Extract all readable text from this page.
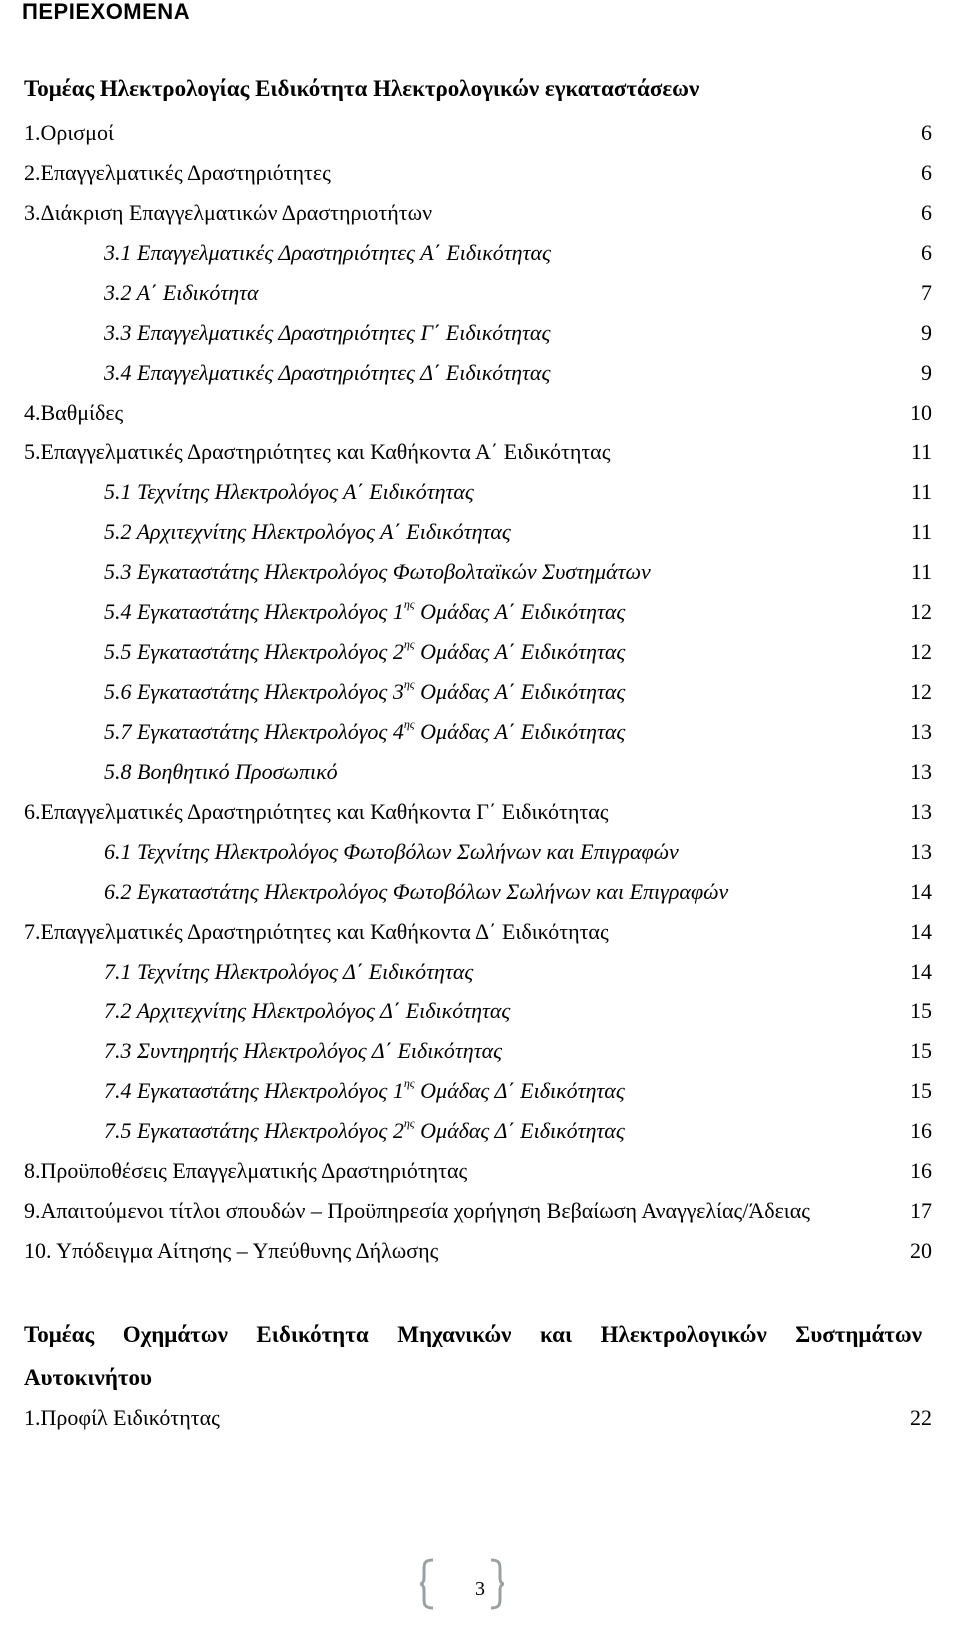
ΠΕΡΙΕΧΟΜΕΝΑ
Τομέας Ηλεκτρολογίας Ειδικότητα Ηλεκτρολογικών εγκαταστάσεων
1.Ορισμοί	6
2.Επαγγελματικές Δραστηριότητες	6
3.Διάκριση Επαγγελματικών Δραστηριοτήτων	6
3.1 Επαγγελματικές Δραστηριότητες Α΄ Ειδικότητας	6
3.2 Α΄ Ειδικότητα	7
3.3 Επαγγελματικές Δραστηριότητες Γ΄ Ειδικότητας	9
3.4 Επαγγελματικές Δραστηριότητες Δ΄ Ειδικότητας	9
4.Βαθμίδες	10
5.Επαγγελματικές Δραστηριότητες και Καθήκοντα Α΄ Ειδικότητας	11
5.1 Τεχνίτης Ηλεκτρολόγος Α΄ Ειδικότητας	11
5.2 Αρχιτεχνίτης Ηλεκτρολόγος Α΄ Ειδικότητας	11
5.3 Εγκαταστάτης Ηλεκτρολόγος Φωτοβολταϊκών Συστημάτων	11
5.4 Εγκαταστάτης Ηλεκτρολόγος $1^{\eta\varsigma}$ Ομάδας Α΄ Ειδικότητας	12
5.5 Εγκαταστάτης Ηλεκτρολόγος $2^{\eta\varsigma}$ Ομάδας Α΄ Ειδικότητας	12
5.6 Εγκαταστάτης Ηλεκτρολόγος $3^{\eta\varsigma}$ Ομάδας Α΄ Ειδικότητας	12
5.7 Εγκαταστάτης Ηλεκτρολόγος $4^{\eta\varsigma}$ Ομάδας Α΄ Ειδικότητας	13
5.8 Βοηθητικό Προσωπικό	13
6.Επαγγελματικές Δραστηριότητες και Καθήκοντα Γ΄ Ειδικότητας	13
6.1 Τεχνίτης Ηλεκτρολόγος Φωτοβόλων Σωλήνων και Επιγραφών	13
6.2 Εγκαταστάτης Ηλεκτρολόγος Φωτοβόλων Σωλήνων και Επιγραφών	14
7.Επαγγελματικές Δραστηριότητες και Καθήκοντα Δ΄ Ειδικότητας	14
7.1 Τεχνίτης Ηλεκτρολόγος Δ΄ Ειδικότητας	14
7.2 Αρχιτεχνίτης Ηλεκτρολόγος Δ΄ Ειδικότητας	15
7.3 Συντηρητής Ηλεκτρολόγος Δ΄ Ειδικότητας	15
7.4 Εγκαταστάτης Ηλεκτρολόγος $1^{\eta\varsigma}$ Ομάδας Δ΄ Ειδικότητας	15
7.5 Εγκαταστάτης Ηλεκτρολόγος $2^{\eta\varsigma}$ Ομάδας Δ΄ Ειδικότητας	16
8.Προϋποθέσεις Επαγγελματικής Δραστηριότητας	16
9.Απαιτούμενοι τίτλοι σπουδών – Προϋπηρεσία χορήγηση Βεβαίωση Αναγγελίας/Άδειας	17
10. Υπόδειγμα Αίτησης – Υπεύθυνης Δήλωσης	20
Τομέας Οχημάτων Ειδικότητα Μηχανικών και Ηλεκτρολογικών Συστημάτων
Αυτοκινήτου
1.Προφίλ Ειδικότητας	22
3
